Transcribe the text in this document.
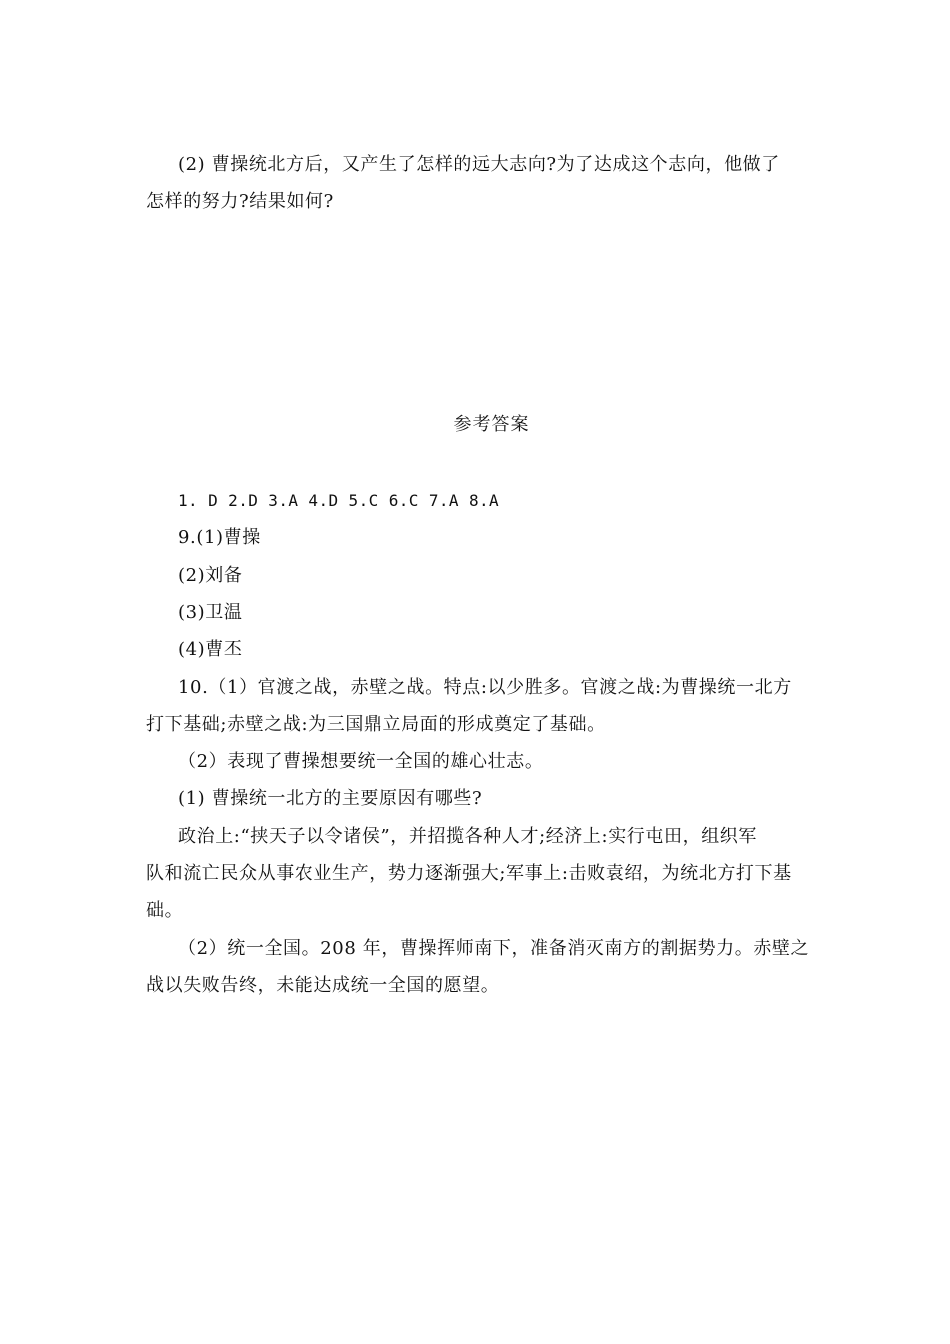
(2) 曹操统北方后，又产生了怎样的远大志向?为了达成这个志向，他做了
怎样的努力?结果如何?
参考答案
1. D 2.D 3.A 4.D 5.C 6.C 7.A 8.A
9.(1)曹操
(2)刘备
(3)卫温
(4)曹丕
10.（1）官渡之战，赤壁之战。特点:以少胜多。官渡之战:为曹操统一北方
打下基础;赤壁之战:为三国鼎立局面的形成奠定了基础。
（2）表现了曹操想要统一全国的雄心壮志。
(1) 曹操统一北方的主要原因有哪些?
政治上:“挟天子以令诸侯”，并招揽各种人才;经济上:实行屯田，组织军
队和流亡民众从事农业生产，势力逐渐强大;军事上:击败袁绍，为统北方打下基
础。
（2）统一全国。208 年，曹操挥师南下，准备消灭南方的割据势力。赤壁之
战以失败告终，未能达成统一全国的愿望。
